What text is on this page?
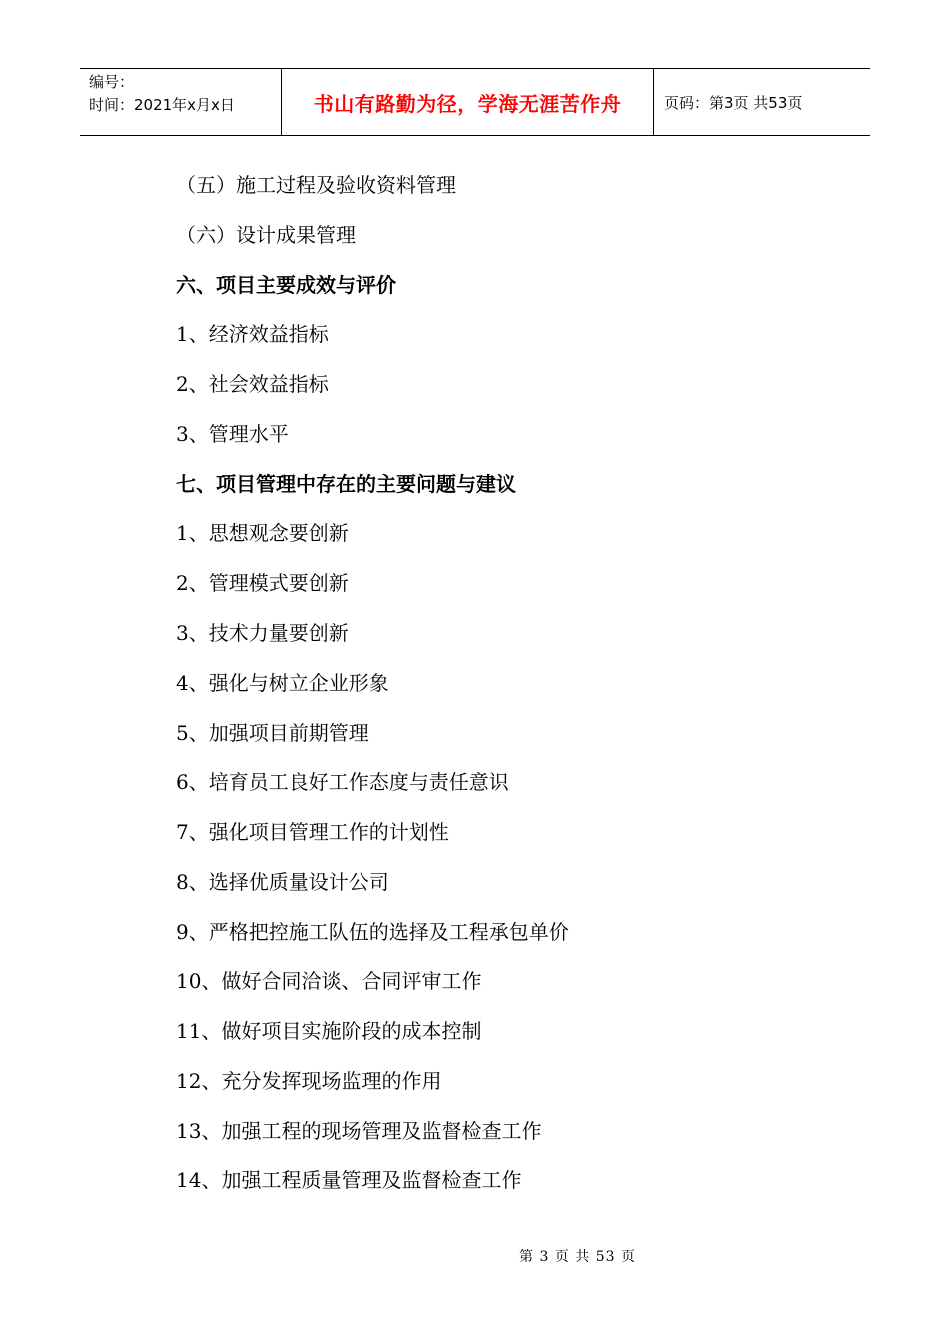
编号：
时间：2021年x月x日	书山有路勤为径，学海无涯苦作舟	页码：第3页 共53页
（五）施工过程及验收资料管理
（六）设计成果管理
六、项目主要成效与评价
1、经济效益指标
2、社会效益指标
3、管理水平
七、项目管理中存在的主要问题与建议
1、思想观念要创新
2、管理模式要创新
3、技术力量要创新
4、强化与树立企业形象
5、加强项目前期管理
6、培育员工良好工作态度与责任意识
7、强化项目管理工作的计划性
8、选择优质量设计公司
9、严格把控施工队伍的选择及工程承包单价
10、做好合同洽谈、合同评审工作
11、做好项目实施阶段的成本控制
12、充分发挥现场监理的作用
13、加强工程的现场管理及监督检查工作
14、加强工程质量管理及监督检查工作
第 3 页 共 53 页
